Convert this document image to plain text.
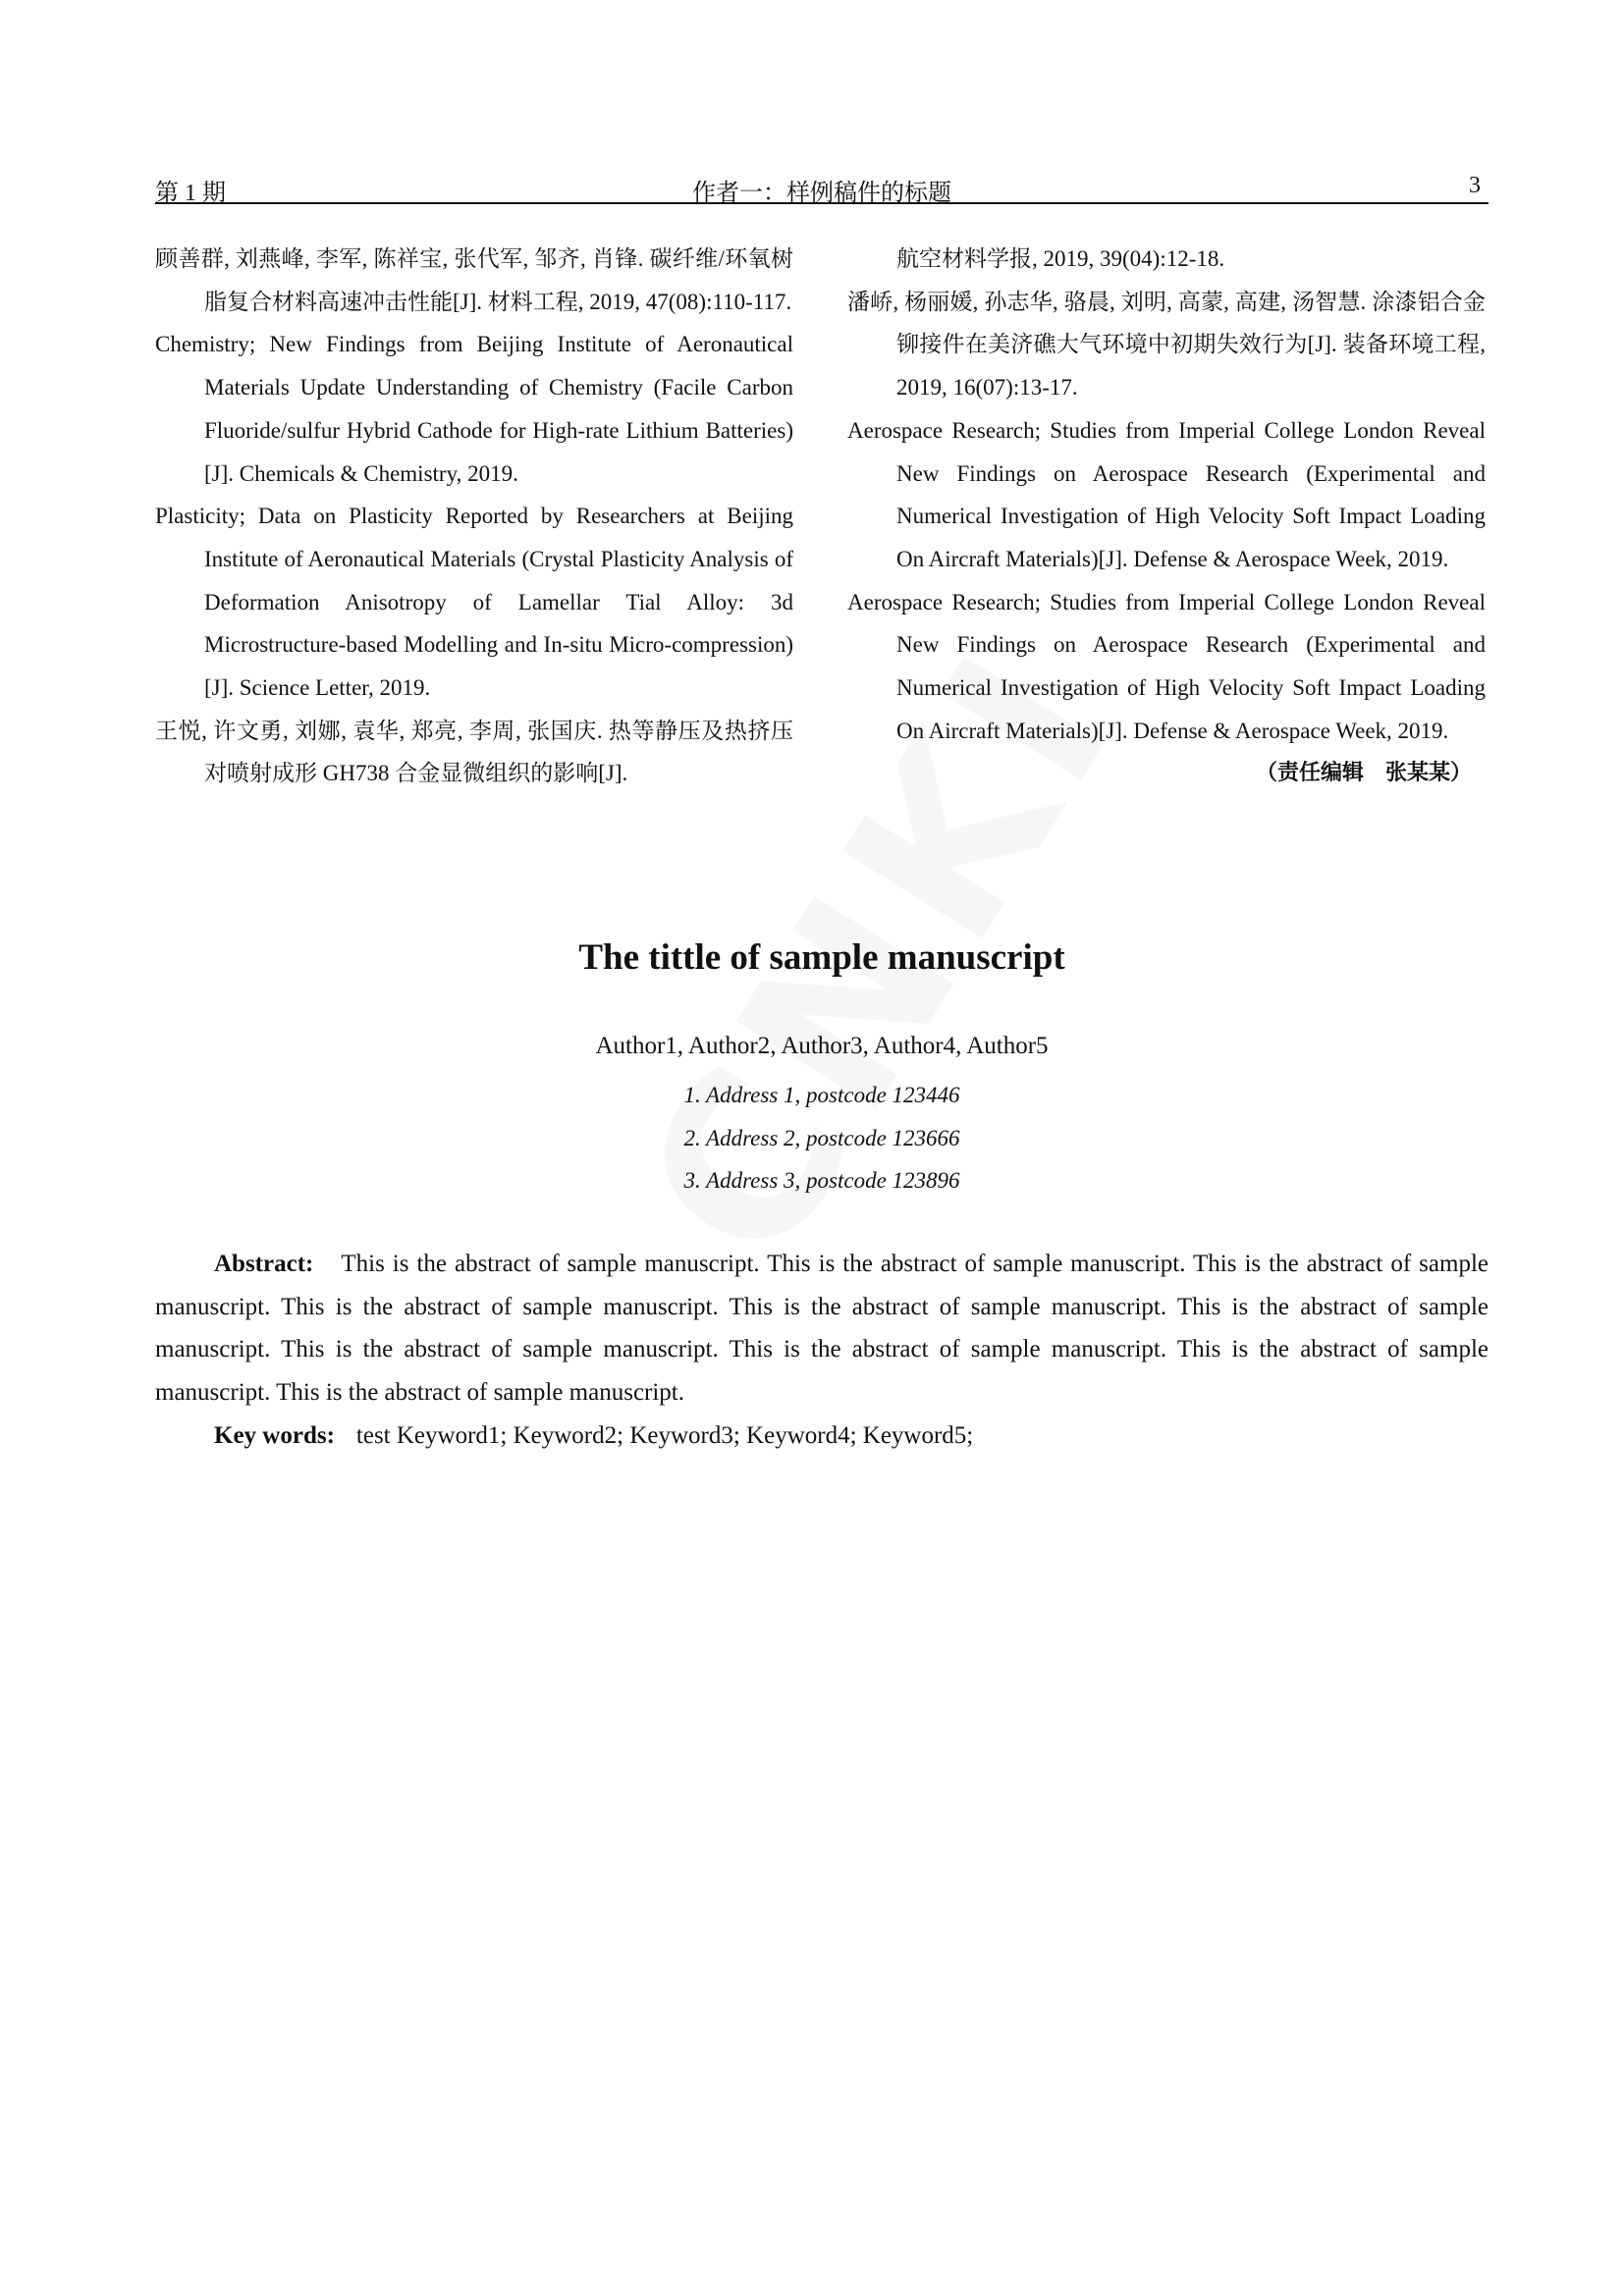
第 1 期	作者一：样例稿件的标题	3
顾善群, 刘燕峰, 李军, 陈祥宝, 张代军, 邹齐, 肖锋. 碳纤维/环氧树脂复合材料高速冲击性能[J]. 材料工程, 2019, 47(08):110-117.
Chemistry; New Findings from Beijing Institute of Aeronautical Materials Update Understanding of Chemistry (Facile Carbon Fluoride/sulfur Hybrid Cathode for High-rate Lithium Batteries)[J]. Chemicals & Chemistry, 2019.
Plasticity; Data on Plasticity Reported by Researchers at Beijing Institute of Aeronautical Materials (Crystal Plasticity Analysis of Deformation Anisotropy of Lamellar Tial Alloy: 3d Microstructure-based Modelling and In-situ Micro-compression)[J]. Science Letter, 2019.
王悦, 许文勇, 刘娜, 袁华, 郑亮, 李周, 张国庆. 热等静压及热挤压对喷射成形 GH738 合金显微组织的影响[J].
航空材料学报, 2019, 39(04):12-18.
潘峤, 杨丽媛, 孙志华, 骆晨, 刘明, 高蒙, 高建, 汤智慧. 涂漆铝合金铆接件在美济礁大气环境中初期失效行为[J]. 装备环境工程, 2019, 16(07):13-17.
Aerospace Research; Studies from Imperial College London Reveal New Findings on Aerospace Research (Experimental and Numerical Investigation of High Velocity Soft Impact Loading On Aircraft Materials)[J]. Defense & Aerospace Week, 2019.
Aerospace Research; Studies from Imperial College London Reveal New Findings on Aerospace Research (Experimental and Numerical Investigation of High Velocity Soft Impact Loading On Aircraft Materials)[J]. Defense & Aerospace Week, 2019.
（责任编辑　张某某）
The tittle of sample manuscript
Author1, Author2, Author3, Author4, Author5
1. Address 1, postcode 123446
2. Address 2, postcode 123666
3. Address 3, postcode 123896
Abstract: This is the abstract of sample manuscript. This is the abstract of sample manuscript. This is the abstract of sample manuscript. This is the abstract of sample manuscript. This is the abstract of sample manuscript. This is the abstract of sample manuscript. This is the abstract of sample manuscript. This is the abstract of sample manuscript. This is the abstract of sample manuscript. This is the abstract of sample manuscript.
Key words: test Keyword1; Keyword2; Keyword3; Keyword4; Keyword5;
